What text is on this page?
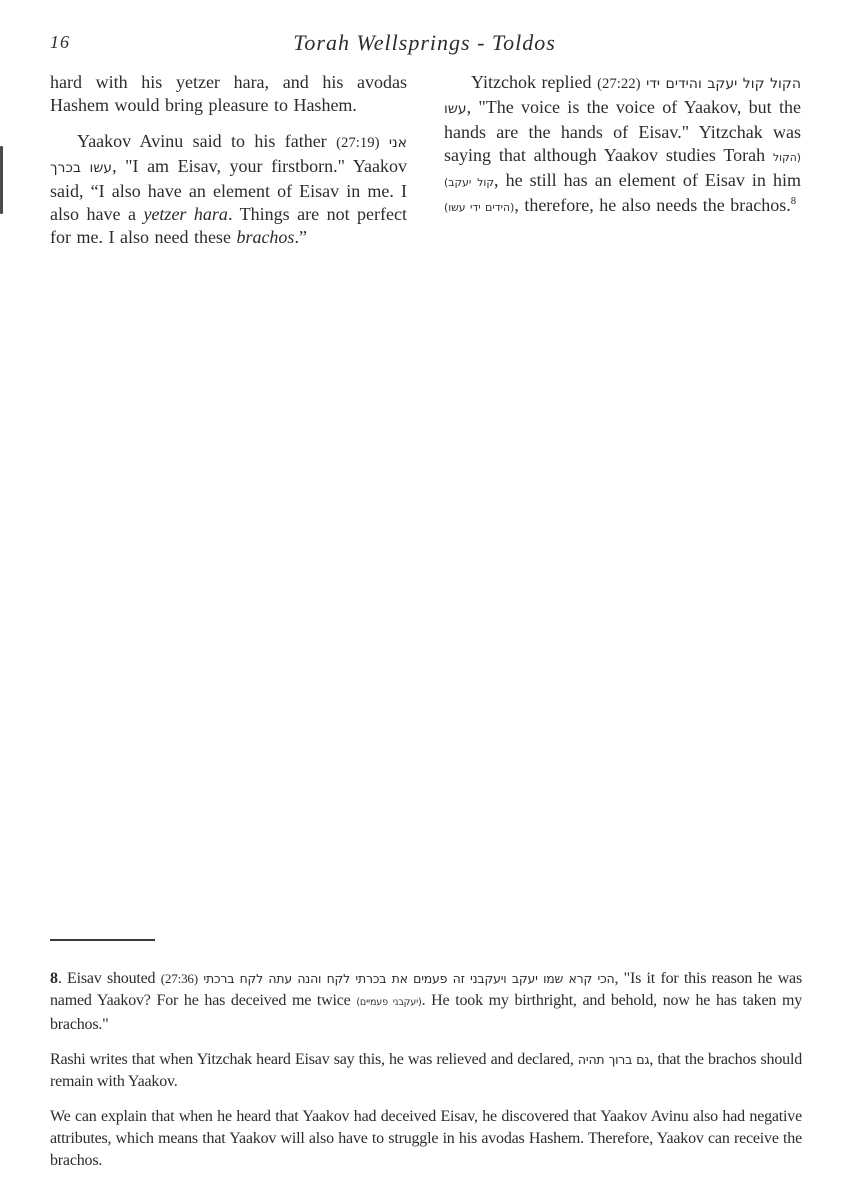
16	Torah Wellsprings - Toldos

hard with his yetzer hara, and his avodas Hashem would bring pleasure to Hashem.

Yaakov Avinu said to his father (27:19) אני עשו בכרך, "I am Eisav, your firstborn." Yaakov said, “I also have an element of Eisav in me. I also have a yetzer hara. Things are not perfect for me. I also need these brachos.”

Yitzchok replied (27:22) הקול קול יעקב והידים ידי עשו, "The voice is the voice of Yaakov, but the hands are the hands of Eisav." Yitzchak was saying that although Yaakov studies Torah (הקול קול יעקב), he still has an element of Eisav in him (הידים ידי עשו), therefore, he also needs the brachos.$^8$

8. Eisav shouted (27:36) הכי קרא שמו יעקב ויעקבני זה פעמים את בכרתי לקח והנה עתה לקח ברכתי, "Is it for this reason he was named Yaakov? For he has deceived me twice (יעקבני פעמיים). He took my birthright, and behold, now he has taken my brachos."

Rashi writes that when Yitzchak heard Eisav say this, he was relieved and declared, גם ברוך תהיה, that the brachos should remain with Yaakov.

We can explain that when he heard that Yaakov had deceived Eisav, he discovered that Yaakov Avinu also had negative attributes, which means that Yaakov will also have to struggle in his avodas Hashem. Therefore, Yaakov can receive the brachos.
